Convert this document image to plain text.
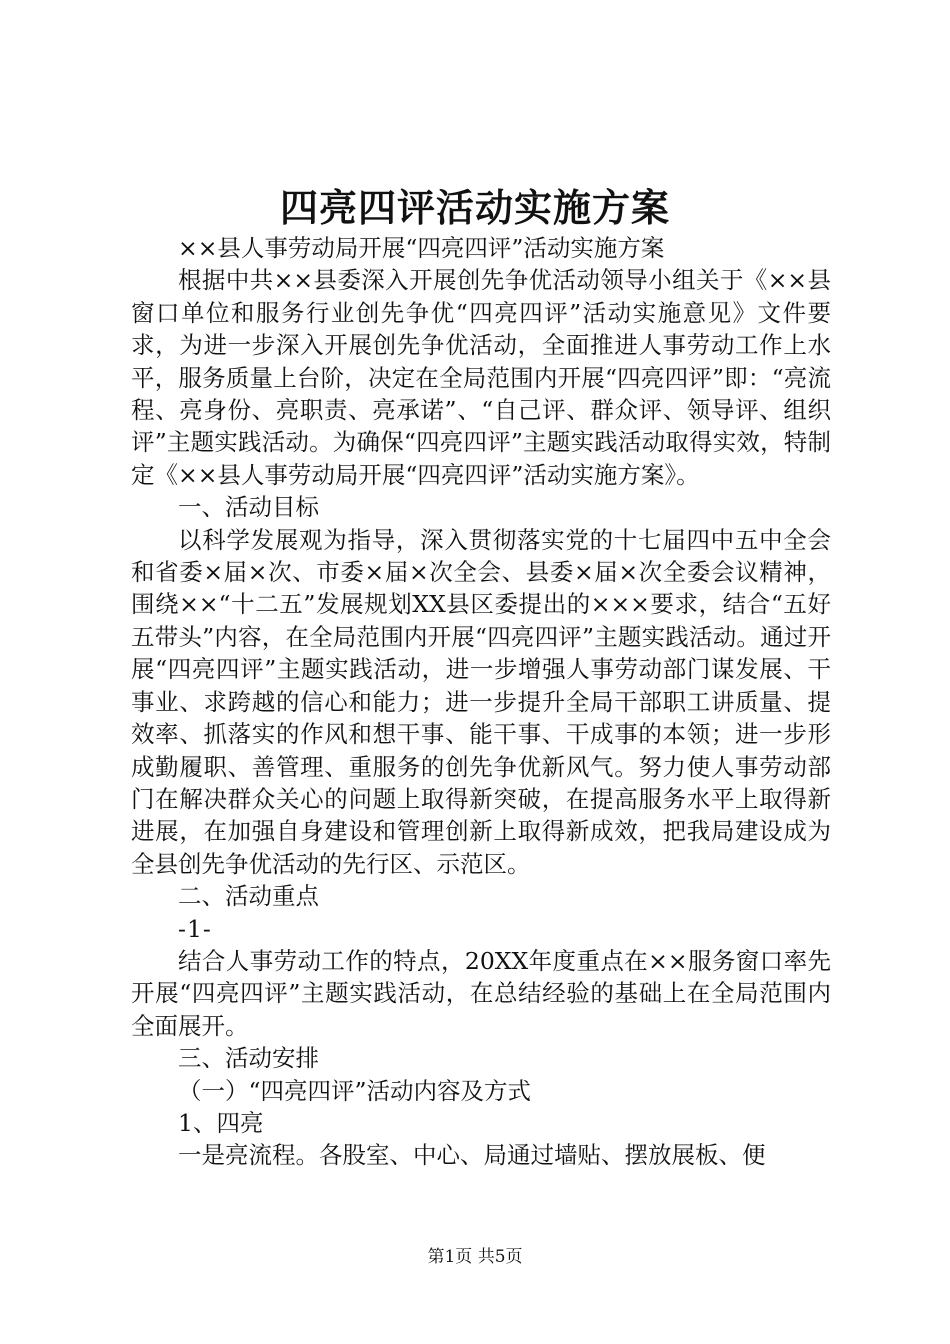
四亮四评活动实施方案

××县人事劳动局开展“四亮四评”活动实施方案

根据中共××县委深入开展创先争优活动领导小组关于《××县窗口单位和服务行业创先争优“四亮四评”活动实施意见》文件要求，为进一步深入开展创先争优活动，全面推进人事劳动工作上水平，服务质量上台阶，决定在全局范围内开展“四亮四评”即：“亮流程、亮身份、亮职责、亮承诺”、“自己评、群众评、领导评、组织评”主题实践活动。为确保“四亮四评”主题实践活动取得实效，特制定《××县人事劳动局开展“四亮四评”活动实施方案》。

一、活动目标

以科学发展观为指导，深入贯彻落实党的十七届四中五中全会和省委×届×次、市委×届×次全会、县委×届×次全委会议精神，围绕××“十二五”发展规划XX县区委提出的×××要求，结合“五好五带头”内容，在全局范围内开展“四亮四评”主题实践活动。通过开展“四亮四评”主题实践活动，进一步增强人事劳动部门谋发展、干事业、求跨越的信心和能力；进一步提升全局干部职工讲质量、提效率、抓落实的作风和想干事、能干事、干成事的本领；进一步形成勤履职、善管理、重服务的创先争优新风气。努力使人事劳动部门在解决群众关心的问题上取得新突破，在提高服务水平上取得新进展，在加强自身建设和管理创新上取得新成效，把我局建设成为全县创先争优活动的先行区、示范区。

二、活动重点

-1-

结合人事劳动工作的特点，20XX年度重点在××服务窗口率先开展“四亮四评”主题实践活动，在总结经验的基础上在全局范围内全面展开。

三、活动安排

（一）“四亮四评”活动内容及方式

1、四亮

一是亮流程。各股室、中心、局通过墙贴、摆放展板、便

第1页 共5页
